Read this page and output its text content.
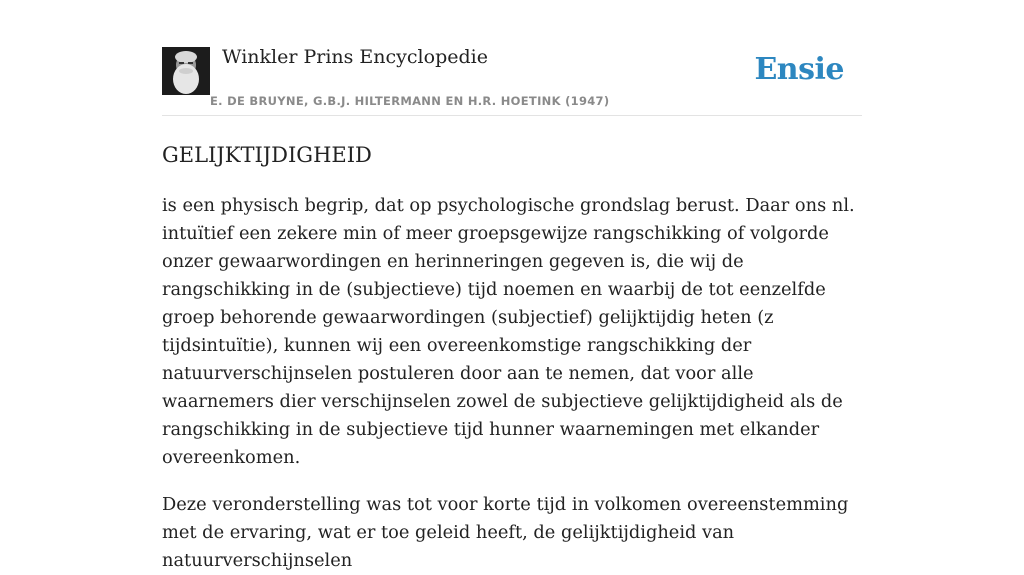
Winkler Prins Encyclopedie
E. DE BRUYNE, G.B.J. HILTERMANN EN H.R. HOETINK (1947)
Ensie
GELIJKTIJDIGHEID

is een physisch begrip, dat op psychologische grondslag berust. Daar ons nl. intuïtief een zekere min of meer groepsgewijze rangschikking of volgorde onzer gewaarwordingen en herinneringen gegeven is, die wij de rangschikking in de (subjectieve) tijd noemen en waarbij de tot eenzelfde groep behorende gewaarwordingen (subjectief) gelijktijdig heten (z tijdsintuïtie), kunnen wij een overeenkomstige rangschikking der natuurverschijnselen postuleren door aan te nemen, dat voor alle waarnemers dier verschijnselen zowel de subjectieve gelijktijdigheid als de rangschikking in de subjectieve tijd hunner waarnemingen met elkander overeenkomen.

Deze veronderstelling was tot voor korte tijd in volkomen overeenstemming met de ervaring, wat er toe geleid heeft, de gelijktijdigheid van natuurverschijnselen
